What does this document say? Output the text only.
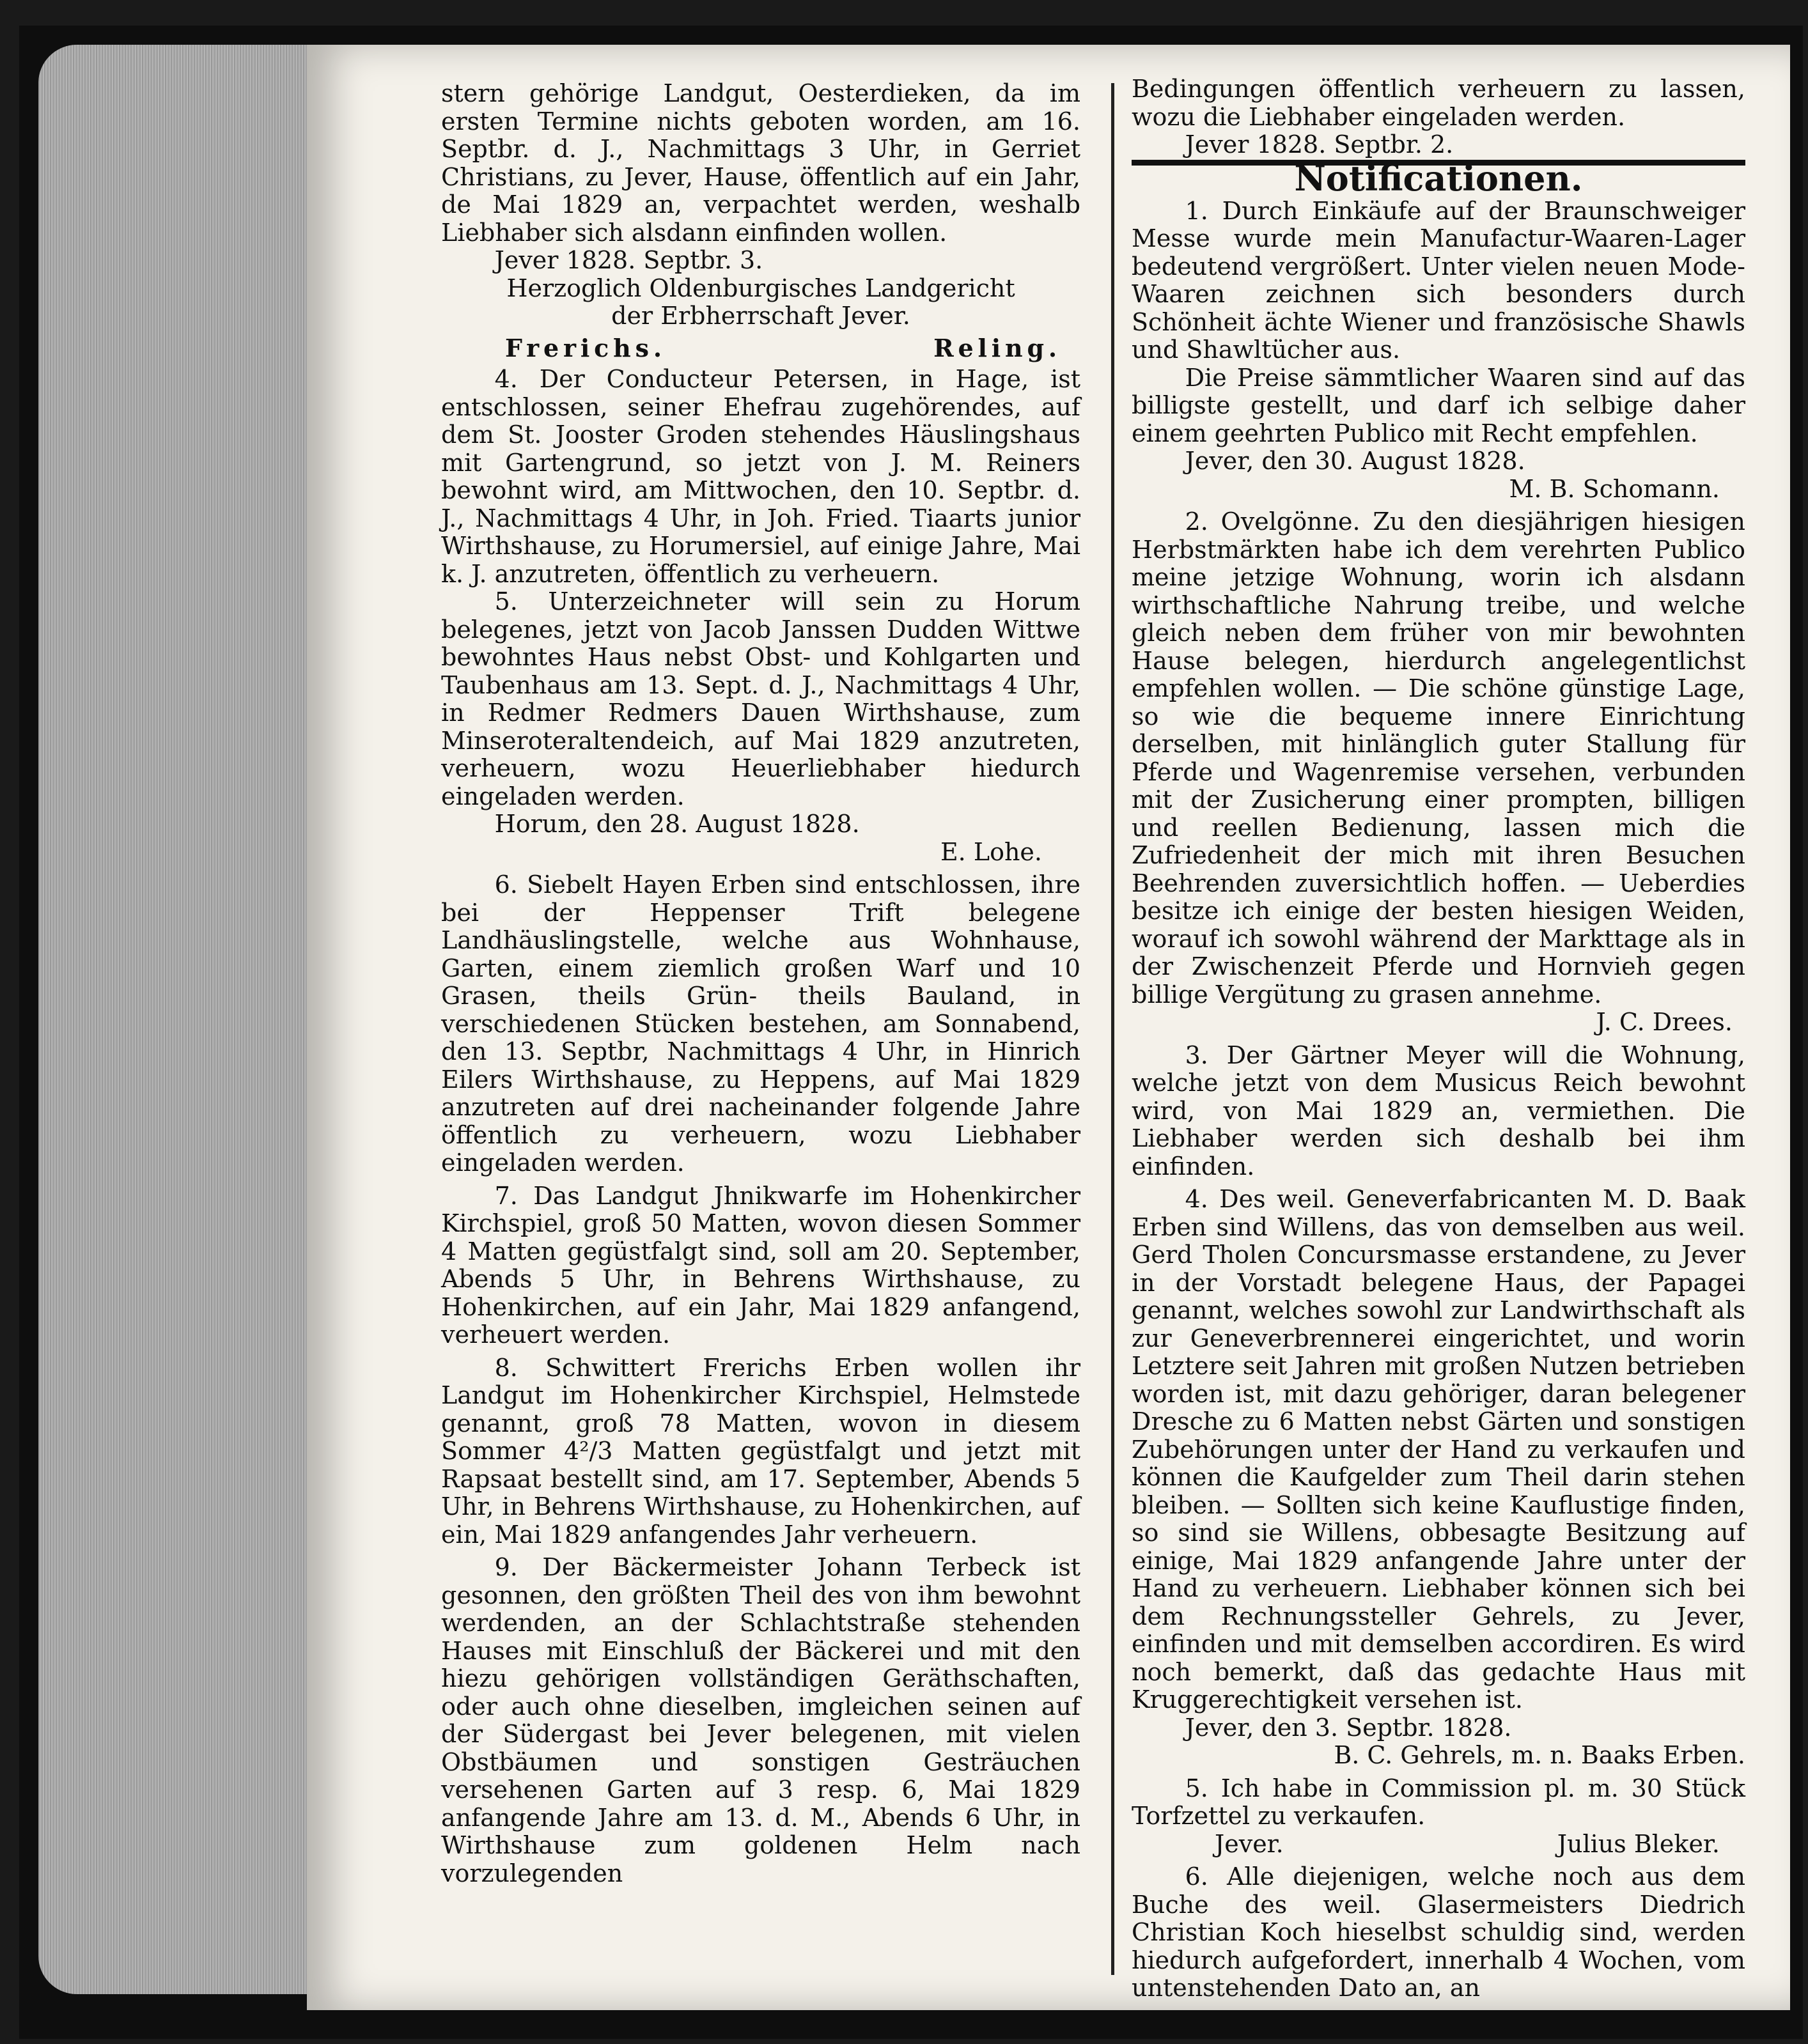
stern gehörige Landgut, Oesterdieken, da im ersten Termine nichts geboten worden, am 16. Septbr. d. J., Nachmittags 3 Uhr, in Gerriet Christians, zu Jever, Hause, öffentlich auf ein Jahr, de Mai 1829 an, verpachtet werden, weshalb Liebhaber sich alsdann einfinden wollen.

Jever 1828. Septbr. 3.

Herzoglich Oldenburgisches Landgericht

der Erbherrschaft Jever.

Frerichs.	Reling.

4. Der Conducteur Petersen, in Hage, ist entschlossen, seiner Ehefrau zugehörendes, auf dem St. Jooster Groden stehendes Häuslingshaus mit Gartengrund, so jetzt von J. M. Reiners bewohnt wird, am Mittwochen, den 10. Septbr. d. J., Nachmittags 4 Uhr, in Joh. Fried. Tiaarts junior Wirthshause, zu Horumersiel, auf einige Jahre, Mai k. J. anzutreten, öffentlich zu verheuern.

5. Unterzeichneter will sein zu Horum belegenes, jetzt von Jacob Janssen Dudden Wittwe bewohntes Haus nebst Obst- und Kohlgarten und Taubenhaus am 13. Sept. d. J., Nachmittags 4 Uhr, in Redmer Redmers Dauen Wirthshause, zum Minseroteraltendeich, auf Mai 1829 anzutreten, verheuern, wozu Heuerliebhaber hiedurch eingeladen werden.

Horum, den 28. August 1828.

E. Lohe.

6. Siebelt Hayen Erben sind entschlossen, ihre bei der Heppenser Trift belegene Landhäuslingstelle, welche aus Wohnhause, Garten, einem ziemlich großen Warf und 10 Grasen, theils Grün- theils Bauland, in verschiedenen Stücken bestehen, am Sonnabend, den 13. Septbr, Nachmittags 4 Uhr, in Hinrich Eilers Wirthshause, zu Heppens, auf Mai 1829 anzutreten auf drei nacheinander folgende Jahre öffentlich zu verheuern, wozu Liebhaber eingeladen werden.

7. Das Landgut Jhnikwarfe im Hohenkircher Kirchspiel, groß 50 Matten, wovon diesen Sommer 4 Matten gegüstfalgt sind, soll am 20. September, Abends 5 Uhr, in Behrens Wirthshause, zu Hohenkirchen, auf ein Jahr, Mai 1829 anfangend, verheuert werden.

8. Schwittert Frerichs Erben wollen ihr Landgut im Hohenkircher Kirchspiel, Helmstede genannt, groß 78 Matten, wovon in diesem Sommer 4²/3 Matten gegüstfalgt und jetzt mit Rapsaat bestellt sind, am 17. September, Abends 5 Uhr, in Behrens Wirthshause, zu Hohenkirchen, auf ein, Mai 1829 anfangendes Jahr verheuern.

9. Der Bäckermeister Johann Terbeck ist gesonnen, den größten Theil des von ihm bewohnt werdenden, an der Schlachtstraße stehenden Hauses mit Einschluß der Bäckerei und mit den hiezu gehörigen vollständigen Geräthschaften, oder auch ohne dieselben, imgleichen seinen auf der Südergast bei Jever belegenen, mit vielen Obstbäumen und sonstigen Gesträuchen versehenen Garten auf 3 resp. 6, Mai 1829 anfangende Jahre am 13. d. M., Abends 6 Uhr, in Wirthshause zum goldenen Helm nach vorzulegenden

Bedingungen öffentlich verheuern zu lassen, wozu die Liebhaber eingeladen werden.

Jever 1828. Septbr. 2.

Notificationen.

1. Durch Einkäufe auf der Braunschweiger Messe wurde mein Manufactur-Waaren-Lager bedeutend vergrößert. Unter vielen neuen Mode-Waaren zeichnen sich besonders durch Schönheit ächte Wiener und französische Shawls und Shawltücher aus.

Die Preise sämmtlicher Waaren sind auf das billigste gestellt, und darf ich selbige daher einem geehrten Publico mit Recht empfehlen.

Jever, den 30. August 1828.

M. B. Schomann.

2. Ovelgönne. Zu den diesjährigen hiesigen Herbstmärkten habe ich dem verehrten Publico meine jetzige Wohnung, worin ich alsdann wirthschaftliche Nahrung treibe, und welche gleich neben dem früher von mir bewohnten Hause belegen, hierdurch angelegentlichst empfehlen wollen. — Die schöne günstige Lage, so wie die bequeme innere Einrichtung derselben, mit hinlänglich guter Stallung für Pferde und Wagenremise versehen, verbunden mit der Zusicherung einer prompten, billigen und reellen Bedienung, lassen mich die Zufriedenheit der mich mit ihren Besuchen Beehrenden zuversichtlich hoffen. — Ueberdies besitze ich einige der besten hiesigen Weiden, worauf ich sowohl während der Markttage als in der Zwischenzeit Pferde und Hornvieh gegen billige Vergütung zu grasen annehme.

J. C. Drees.

3. Der Gärtner Meyer will die Wohnung, welche jetzt von dem Musicus Reich bewohnt wird, von Mai 1829 an, vermiethen. Die Liebhaber werden sich deshalb bei ihm einfinden.

4. Des weil. Geneverfabricanten M. D. Baak Erben sind Willens, das von demselben aus weil. Gerd Tholen Concursmasse erstandene, zu Jever in der Vorstadt belegene Haus, der Papagei genannt, welches sowohl zur Landwirthschaft als zur Geneverbrennerei eingerichtet, und worin Letztere seit Jahren mit großen Nutzen betrieben worden ist, mit dazu gehöriger, daran belegener Dresche zu 6 Matten nebst Gärten und sonstigen Zubehörungen unter der Hand zu verkaufen und können die Kaufgelder zum Theil darin stehen bleiben. — Sollten sich keine Kauflustige finden, so sind sie Willens, obbesagte Besitzung auf einige, Mai 1829 anfangende Jahre unter der Hand zu verheuern. Liebhaber können sich bei dem Rechnungssteller Gehrels, zu Jever, einfinden und mit demselben accordiren. Es wird noch bemerkt, daß das gedachte Haus mit Kruggerechtigkeit versehen ist.

Jever, den 3. Septbr. 1828.

B. C. Gehrels, m. n. Baaks Erben.

5. Ich habe in Commission pl. m. 30 Stück Torfzettel zu verkaufen.

Jever.	Julius Bleker.

6. Alle diejenigen, welche noch aus dem Buche des weil. Glasermeisters Diedrich Christian Koch hieselbst schuldig sind, werden hiedurch aufgefordert, innerhalb 4 Wochen, vom untenstehenden Dato an, an
